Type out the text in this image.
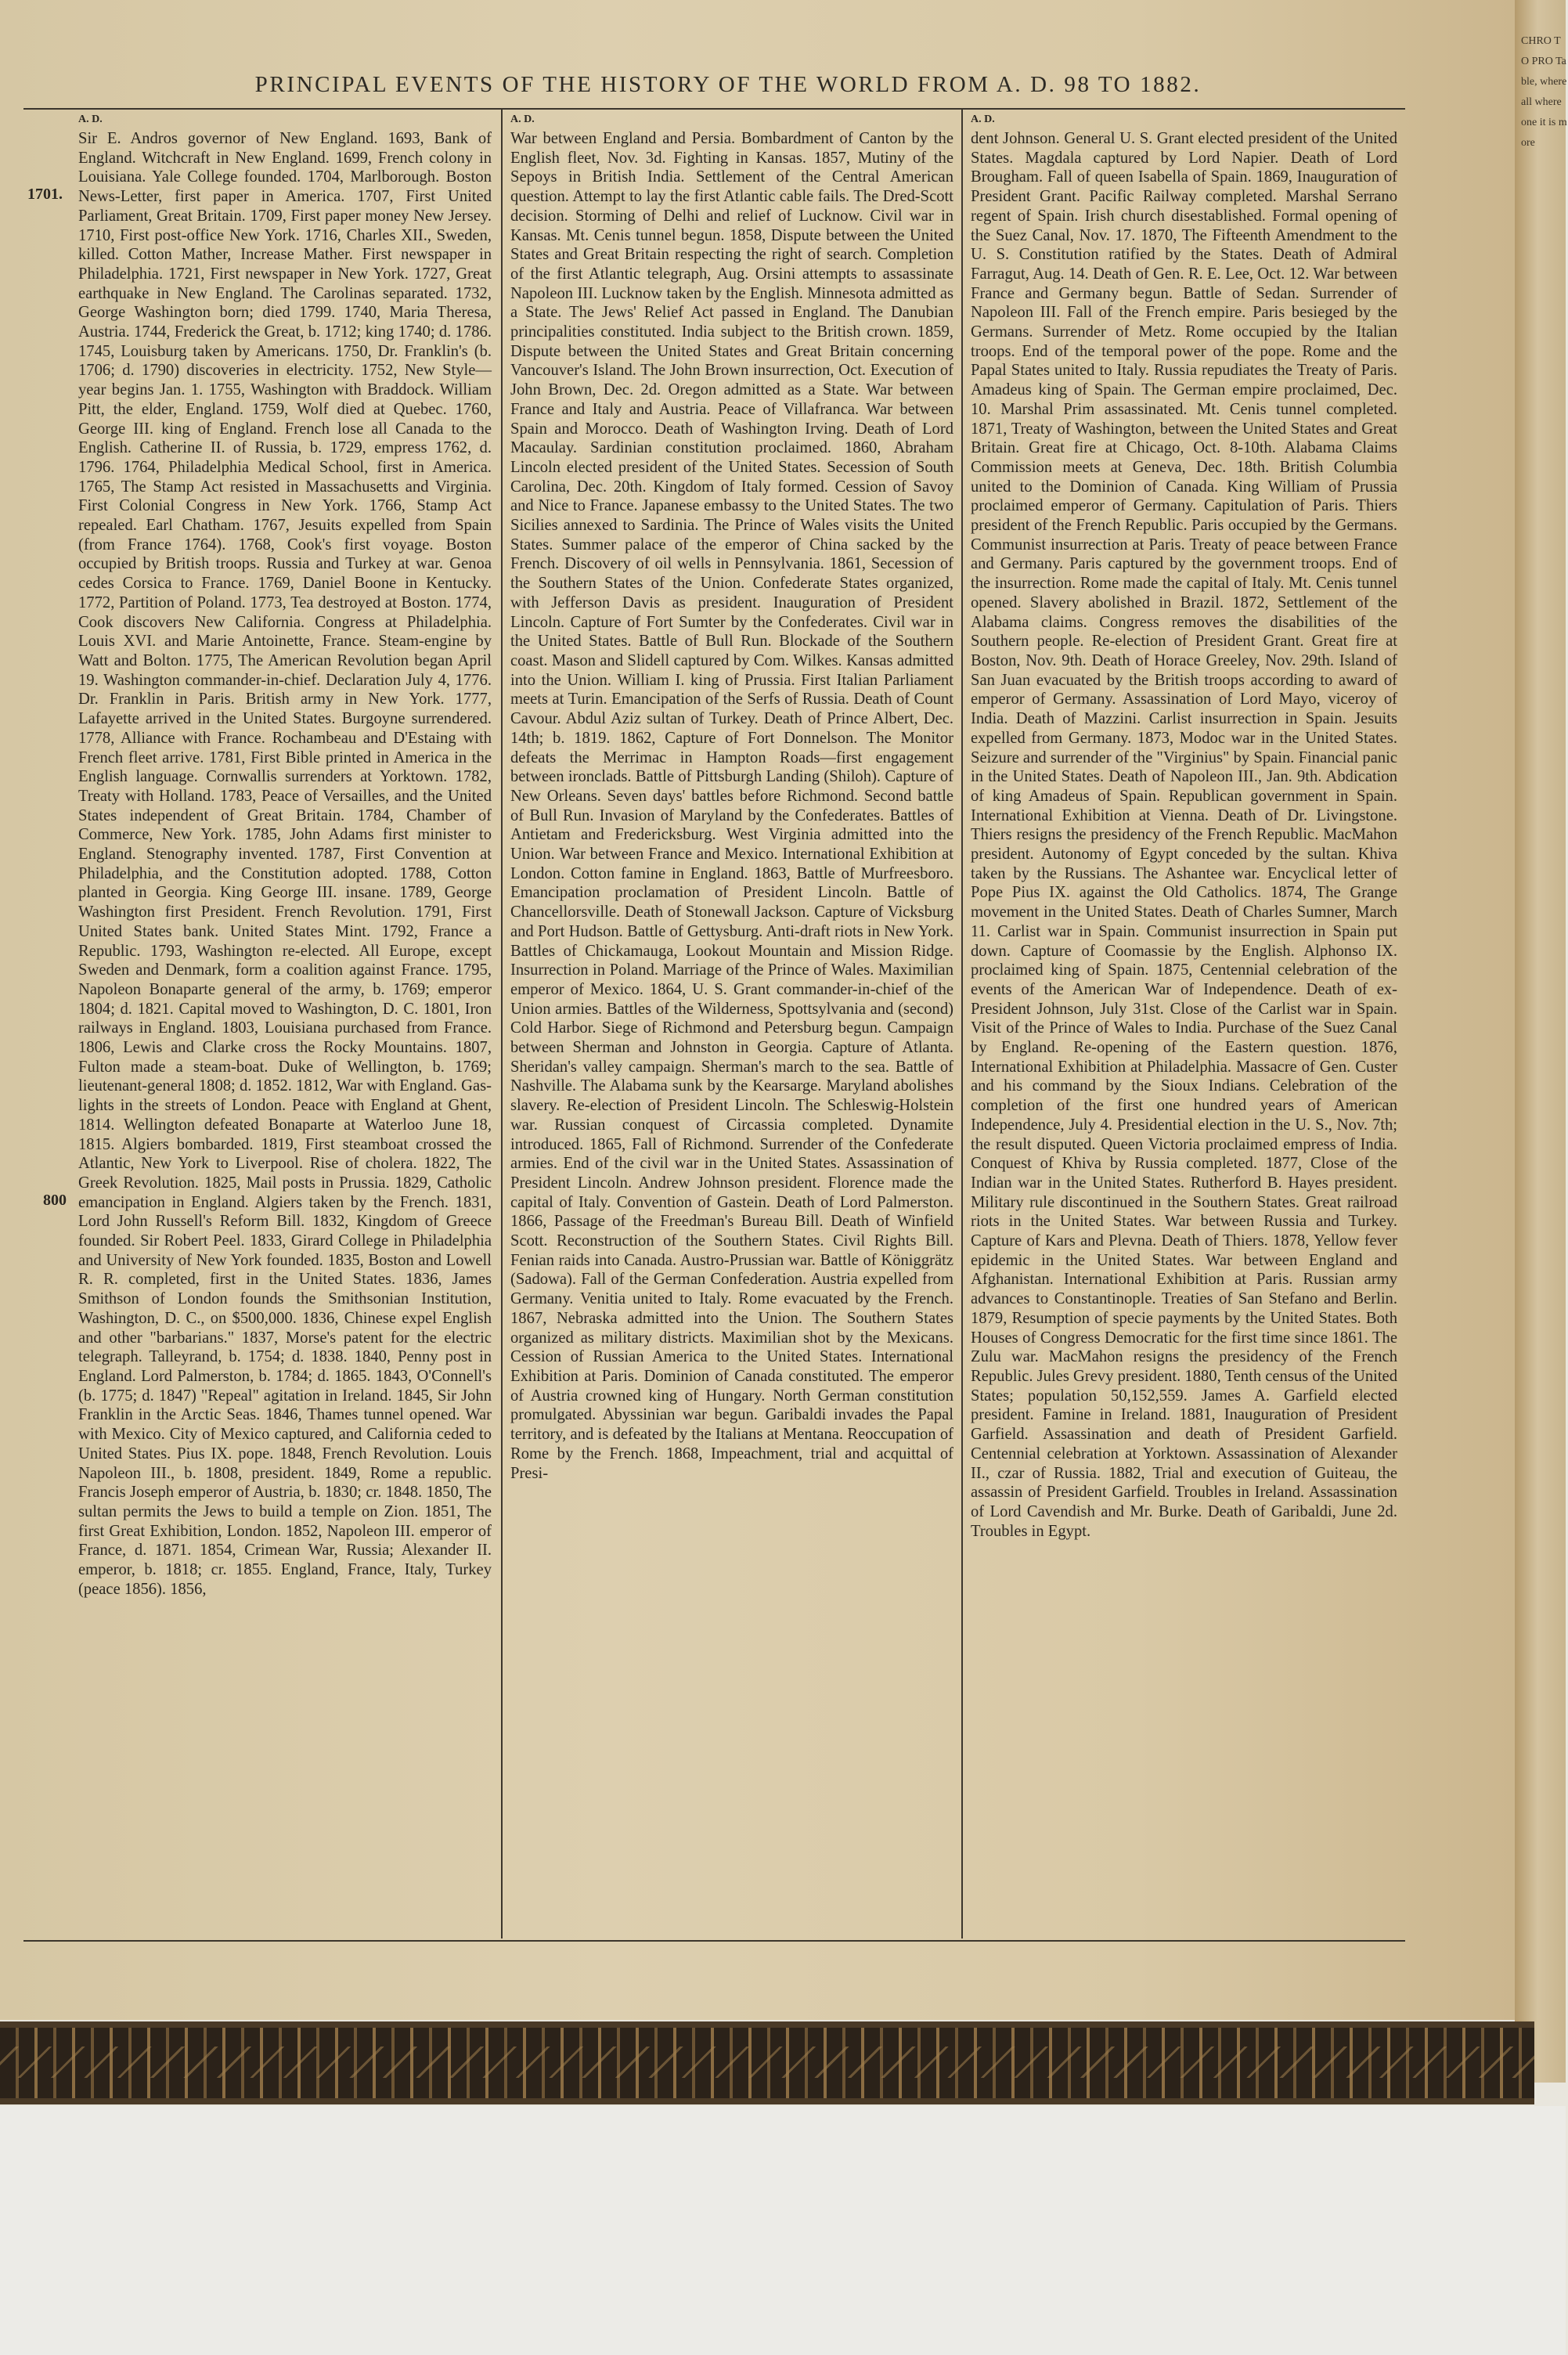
PRINCIPAL EVENTS OF THE HISTORY OF THE WORLD FROM A. D. 98 TO 1882.
1701.
800
A. D.

Sir E. Andros governor of New England. 1693, Bank of England. Witchcraft in New England. 1699, French colony in Louisiana. Yale College founded. 1704, Marlborough. Boston News-Letter, first paper in America. 1707, First United Parliament, Great Britain. 1709, First paper money New Jersey. 1710, First post-office New York. 1716, Charles XII., Sweden, killed. Cotton Mather, Increase Mather. First newspaper in Philadelphia. 1721, First newspaper in New York. 1727, Great earthquake in New England. The Carolinas separated. 1732, George Washington born; died 1799. 1740, Maria Theresa, Austria. 1744, Frederick the Great, b. 1712; king 1740; d. 1786. 1745, Louisburg taken by Americans. 1750, Dr. Franklin's (b. 1706; d. 1790) discoveries in electricity. 1752, New Style—year begins Jan. 1. 1755, Washington with Braddock. William Pitt, the elder, England. 1759, Wolf died at Quebec. 1760, George III. king of England. French lose all Canada to the English. Catherine II. of Russia, b. 1729, empress 1762, d. 1796. 1764, Philadelphia Medical School, first in America. 1765, The Stamp Act resisted in Massachusetts and Virginia. First Colonial Congress in New York. 1766, Stamp Act repealed. Earl Chatham. 1767, Jesuits expelled from Spain (from France 1764). 1768, Cook's first voyage. Boston occupied by British troops. Russia and Turkey at war. Genoa cedes Corsica to France. 1769, Daniel Boone in Kentucky. 1772, Partition of Poland. 1773, Tea destroyed at Boston. 1774, Cook discovers New California. Congress at Philadelphia. Louis XVI. and Marie Antoinette, France. Steam-engine by Watt and Bolton. 1775, The American Revolution began April 19. Washington commander-in-chief. Declaration July 4, 1776. Dr. Franklin in Paris. British army in New York. 1777, Lafayette arrived in the United States. Burgoyne surrendered. 1778, Alliance with France. Rochambeau and D'Estaing with French fleet arrive. 1781, First Bible printed in America in the English language. Cornwallis surrenders at Yorktown. 1782, Treaty with Holland. 1783, Peace of Versailles, and the United States independent of Great Britain. 1784, Chamber of Commerce, New York. 1785, John Adams first minister to England. Stenography invented. 1787, First Convention at Philadelphia, and the Constitution adopted. 1788, Cotton planted in Georgia. King George III. insane. 1789, George Washington first President. French Revolution. 1791, First United States bank. United States Mint. 1792, France a Republic. 1793, Washington re-elected. All Europe, except Sweden and Denmark, form a coalition against France. 1795, Napoleon Bonaparte general of the army, b. 1769; emperor 1804; d. 1821. Capital moved to Washington, D. C. 1801, Iron railways in England. 1803, Louisiana purchased from France. 1806, Lewis and Clarke cross the Rocky Mountains. 1807, Fulton made a steam-boat. Duke of Wellington, b. 1769; lieutenant-general 1808; d. 1852. 1812, War with England. Gas-lights in the streets of London. Peace with England at Ghent, 1814. Wellington defeated Bonaparte at Waterloo June 18, 1815. Algiers bombarded. 1819, First steamboat crossed the Atlantic, New York to Liverpool. Rise of cholera. 1822, The Greek Revolution. 1825, Mail posts in Prussia. 1829, Catholic emancipation in England. Algiers taken by the French. 1831, Lord John Russell's Reform Bill. 1832, Kingdom of Greece founded. Sir Robert Peel. 1833, Girard College in Philadelphia and University of New York founded. 1835, Boston and Lowell R. R. completed, first in the United States. 1836, James Smithson of London founds the Smithsonian Institution, Washington, D. C., on $500,000. 1836, Chinese expel English and other "barbarians." 1837, Morse's patent for the electric telegraph. Talleyrand, b. 1754; d. 1838. 1840, Penny post in England. Lord Palmerston, b. 1784; d. 1865. 1843, O'Connell's (b. 1775; d. 1847) "Repeal" agitation in Ireland. 1845, Sir John Franklin in the Arctic Seas. 1846, Thames tunnel opened. War with Mexico. City of Mexico captured, and California ceded to United States. Pius IX. pope. 1848, French Revolution. Louis Napoleon III., b. 1808, president. 1849, Rome a republic. Francis Joseph emperor of Austria, b. 1830; cr. 1848. 1850, The sultan permits the Jews to build a temple on Zion. 1851, The first Great Exhibition, London. 1852, Napoleon III. emperor of France, d. 1871. 1854, Crimean War, Russia; Alexander II. emperor, b. 1818; cr. 1855. England, France, Italy, Turkey (peace 1856). 1856,

A. D.

War between England and Persia. Bombardment of Canton by the English fleet, Nov. 3d. Fighting in Kansas. 1857, Mutiny of the Sepoys in British India. Settlement of the Central American question. Attempt to lay the first Atlantic cable fails. The Dred-Scott decision. Storming of Delhi and relief of Lucknow. Civil war in Kansas. Mt. Cenis tunnel begun. 1858, Dispute between the United States and Great Britain respecting the right of search. Completion of the first Atlantic telegraph, Aug. Orsini attempts to assassinate Napoleon III. Lucknow taken by the English. Minnesota admitted as a State. The Jews' Relief Act passed in England. The Danubian principalities constituted. India subject to the British crown. 1859, Dispute between the United States and Great Britain concerning Vancouver's Island. The John Brown insurrection, Oct. Execution of John Brown, Dec. 2d. Oregon admitted as a State. War between France and Italy and Austria. Peace of Villafranca. War between Spain and Morocco. Death of Washington Irving. Death of Lord Macaulay. Sardinian constitution proclaimed. 1860, Abraham Lincoln elected president of the United States. Secession of South Carolina, Dec. 20th. Kingdom of Italy formed. Cession of Savoy and Nice to France. Japanese embassy to the United States. The two Sicilies annexed to Sardinia. The Prince of Wales visits the United States. Summer palace of the emperor of China sacked by the French. Discovery of oil wells in Pennsylvania. 1861, Secession of the Southern States of the Union. Confederate States organized, with Jefferson Davis as president. Inauguration of President Lincoln. Capture of Fort Sumter by the Confederates. Civil war in the United States. Battle of Bull Run. Blockade of the Southern coast. Mason and Slidell captured by Com. Wilkes. Kansas admitted into the Union. William I. king of Prussia. First Italian Parliament meets at Turin. Emancipation of the Serfs of Russia. Death of Count Cavour. Abdul Aziz sultan of Turkey. Death of Prince Albert, Dec. 14th; b. 1819. 1862, Capture of Fort Donnelson. The Monitor defeats the Merrimac in Hampton Roads—first engagement between ironclads. Battle of Pittsburgh Landing (Shiloh). Capture of New Orleans. Seven days' battles before Richmond. Second battle of Bull Run. Invasion of Maryland by the Confederates. Battles of Antietam and Fredericksburg. West Virginia admitted into the Union. War between France and Mexico. International Exhibition at London. Cotton famine in England. 1863, Battle of Murfreesboro. Emancipation proclamation of President Lincoln. Battle of Chancellorsville. Death of Stonewall Jackson. Capture of Vicksburg and Port Hudson. Battle of Gettysburg. Anti-draft riots in New York. Battles of Chickamauga, Lookout Mountain and Mission Ridge. Insurrection in Poland. Marriage of the Prince of Wales. Maximilian emperor of Mexico. 1864, U. S. Grant commander-in-chief of the Union armies. Battles of the Wilderness, Spottsylvania and (second) Cold Harbor. Siege of Richmond and Petersburg begun. Campaign between Sherman and Johnston in Georgia. Capture of Atlanta. Sheridan's valley campaign. Sherman's march to the sea. Battle of Nashville. The Alabama sunk by the Kearsarge. Maryland abolishes slavery. Re-election of President Lincoln. The Schleswig-Holstein war. Russian conquest of Circassia completed. Dynamite introduced. 1865, Fall of Richmond. Surrender of the Confederate armies. End of the civil war in the United States. Assassination of President Lincoln. Andrew Johnson president. Florence made the capital of Italy. Convention of Gastein. Death of Lord Palmerston. 1866, Passage of the Freedman's Bureau Bill. Death of Winfield Scott. Reconstruction of the Southern States. Civil Rights Bill. Fenian raids into Canada. Austro-Prussian war. Battle of Königgrätz (Sadowa). Fall of the German Confederation. Austria expelled from Germany. Venitia united to Italy. Rome evacuated by the French. 1867, Nebraska admitted into the Union. The Southern States organized as military districts. Maximilian shot by the Mexicans. Cession of Russian America to the United States. International Exhibition at Paris. Dominion of Canada constituted. The emperor of Austria crowned king of Hungary. North German constitution promulgated. Abyssinian war begun. Garibaldi invades the Papal territory, and is defeated by the Italians at Mentana. Reoccupation of Rome by the French. 1868, Impeachment, trial and acquittal of Presi-

A. D.

dent Johnson. General U. S. Grant elected president of the United States. Magdala captured by Lord Napier. Death of Lord Brougham. Fall of queen Isabella of Spain. 1869, Inauguration of President Grant. Pacific Railway completed. Marshal Serrano regent of Spain. Irish church disestablished. Formal opening of the Suez Canal, Nov. 17. 1870, The Fifteenth Amendment to the U. S. Constitution ratified by the States. Death of Admiral Farragut, Aug. 14. Death of Gen. R. E. Lee, Oct. 12. War between France and Germany begun. Battle of Sedan. Surrender of Napoleon III. Fall of the French empire. Paris besieged by the Germans. Surrender of Metz. Rome occupied by the Italian troops. End of the temporal power of the pope. Rome and the Papal States united to Italy. Russia repudiates the Treaty of Paris. Amadeus king of Spain. The German empire proclaimed, Dec. 10. Marshal Prim assassinated. Mt. Cenis tunnel completed. 1871, Treaty of Washington, between the United States and Great Britain. Great fire at Chicago, Oct. 8-10th. Alabama Claims Commission meets at Geneva, Dec. 18th. British Columbia united to the Dominion of Canada. King William of Prussia proclaimed emperor of Germany. Capitulation of Paris. Thiers president of the French Republic. Paris occupied by the Germans. Communist insurrection at Paris. Treaty of peace between France and Germany. Paris captured by the government troops. End of the insurrection. Rome made the capital of Italy. Mt. Cenis tunnel opened. Slavery abolished in Brazil. 1872, Settlement of the Alabama claims. Congress removes the disabilities of the Southern people. Re-election of President Grant. Great fire at Boston, Nov. 9th. Death of Horace Greeley, Nov. 29th. Island of San Juan evacuated by the British troops according to award of emperor of Germany. Assassination of Lord Mayo, viceroy of India. Death of Mazzini. Carlist insurrection in Spain. Jesuits expelled from Germany. 1873, Modoc war in the United States. Seizure and surrender of the "Virginius" by Spain. Financial panic in the United States. Death of Napoleon III., Jan. 9th. Abdication of king Amadeus of Spain. Republican government in Spain. International Exhibition at Vienna. Death of Dr. Livingstone. Thiers resigns the presidency of the French Republic. MacMahon president. Autonomy of Egypt conceded by the sultan. Khiva taken by the Russians. The Ashantee war. Encyclical letter of Pope Pius IX. against the Old Catholics. 1874, The Grange movement in the United States. Death of Charles Sumner, March 11. Carlist war in Spain. Communist insurrection in Spain put down. Capture of Coomassie by the English. Alphonso IX. proclaimed king of Spain. 1875, Centennial celebration of the events of the American War of Independence. Death of ex-President Johnson, July 31st. Close of the Carlist war in Spain. Visit of the Prince of Wales to India. Purchase of the Suez Canal by England. Re-opening of the Eastern question. 1876, International Exhibition at Philadelphia. Massacre of Gen. Custer and his command by the Sioux Indians. Celebration of the completion of the first one hundred years of American Independence, July 4. Presidential election in the U. S., Nov. 7th; the result disputed. Queen Victoria proclaimed empress of India. Conquest of Khiva by Russia completed. 1877, Close of the Indian war in the United States. Rutherford B. Hayes president. Military rule discontinued in the Southern States. Great railroad riots in the United States. War between Russia and Turkey. Capture of Kars and Plevna. Death of Thiers. 1878, Yellow fever epidemic in the United States. War between England and Afghanistan. International Exhibition at Paris. Russian army advances to Constantinople. Treaties of San Stefano and Berlin. 1879, Resumption of specie payments by the United States. Both Houses of Congress Democratic for the first time since 1861. The Zulu war. MacMahon resigns the presidency of the French Republic. Jules Grevy president. 1880, Tenth census of the United States; population 50,152,559. James A. Garfield elected president. Famine in Ireland. 1881, Inauguration of President Garfield. Assassination and death of President Garfield. Centennial celebration at Yorktown. Assassination of Alexander II., czar of Russia. 1882, Trial and execution of Guiteau, the assassin of President Garfield. Troubles in Ireland. Assassination of Lord Cavendish and Mr. Burke. Death of Garibaldi, June 2d. Troubles in Egypt.

CHRO TO PRO Table, where all where one it is more
